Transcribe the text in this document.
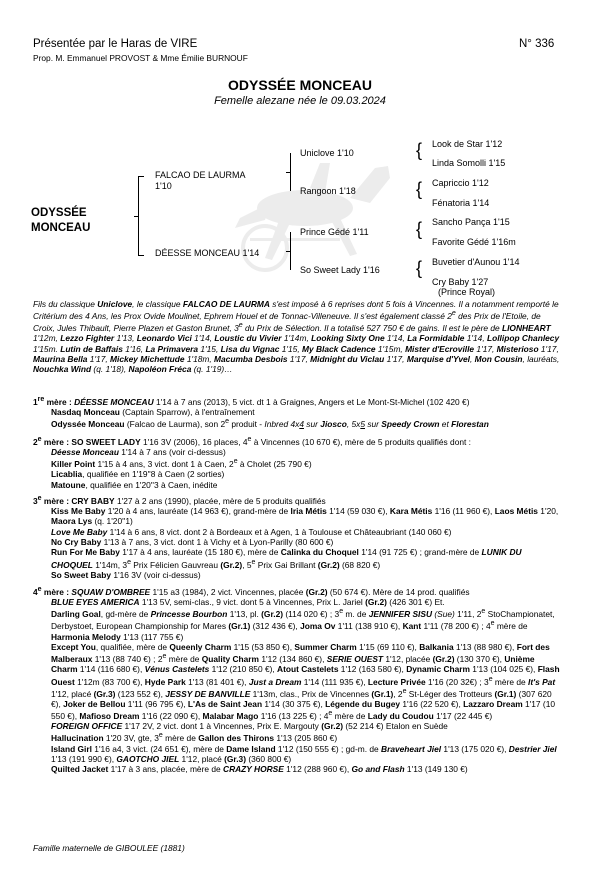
Présentée par le Haras de VIRE
Prop. M. Emmanuel PROVOST & Mme Émilie BURNOUF
N° 336
ODYSSÉE MONCEAU
Femelle alezane née le 09.03.2024
ODYSSÉE
MONCEAU
FALCAO DE LAURMA
1'10
DÉESSE MONCEAU 1'14
Uniclove 1'10
Rangoon 1'18
Prince Gédé 1'11
So Sweet Lady 1'16
{
{
{
{
Look de Star 1'12
Linda Somolli 1'15
Capriccio 1'12
Fénatoria 1'14
Sancho Pança 1'15
Favorite Gédé 1'16m
Buvetier d'Aunou 1'14
Cry Baby 1'27
(Prince Royal)

Fils du classique Uniclove, le classique FALCAO DE LAURMA s'est imposé à 6 reprises dont 5 fois à Vincennes. Il a notamment remporté le Critérium des 4 Ans, les Prox Ovide Moulinet, Ephrem Houel et de Tonnac-Villeneuve. Il s'est également classé 2e des Prix de l'Etoile, de Croix, Jules Thibault, Pierre Plazen et Gaston Brunet, 3e du Prix de Sélection. Il a totalisé 527 750 € de gains. Il est le père de LIONHEART 1'12m, Lezzo Fighter 1'13, Leonardo Vici 1'14, Loustic du Vivier 1'14m, Looking Sixty One 1'14, La Formidable 1'14, Lollipop Chanlecy 1'15m. Lutin de Baffais 1'16, La Primavera 1'15, Lisa du Vignac 1'15, My Black Cadence 1'15m, Mister d'Ecroville 1'17, Misterioso 1'17, Maurina Bella 1'17, Mickey Michettude 1'18m, Macumba Desbois 1'17, Midnight du Viclau 1'17, Marquise d'Yvel, Mon Cousin, lauréats, Nouchka Wind (q. 1'18), Napoléon Fréca (q. 1'19)…

1re mère : DÉESSE MONCEAU 1'14 à 7 ans (2013), 5 vict. dt 1 à Graignes, Angers et Le Mont-St-Michel (102 420 €)

Nasdaq Monceau (Captain Sparrow), à l'entraînement

Odyssée Monceau (Falcao de Laurma), son 2e produit - Inbred 4x4 sur Jiosco, 5x5 sur Speedy Crown et Florestan

2e mère : SO SWEET LADY 1'16 3V (2006), 16 places, 4e à Vincennes (10 670 €), mère de 5 produits qualifiés dont :

Déesse Monceau 1'14 à 7 ans (voir ci-dessus)

Killer Point 1'15 à 4 ans, 3 vict. dont 1 à Caen, 2e à Cholet (25 790 €)

Licablia, qualifiée en 1'19''8 à Caen (2 sorties)

Matoune, qualifiée en 1'20''3 à Caen, inédite

3e mère : CRY BABY 1'27 à 2 ans (1990), placée, mère de 5 produits qualifiés

Kiss Me Baby 1'20 à 4 ans, lauréate (14 963 €), grand-mère de Iria Métis 1'14 (59 030 €), Kara Métis 1'16 (11 960 €), Laos Métis 1'20, Maora Lys (q. 1'20''1)

Love Me Baby 1'14 à 6 ans, 8 vict. dont 2 à Bordeaux et à Agen, 1 à Toulouse et Châteaubriant (140 060 €)

No Cry Baby 1'13 à 7 ans, 3 vict. dont 1 à Vichy et à Lyon-Parilly (80 600 €)

Run For Me Baby 1'17 à 4 ans, lauréate (15 180 €), mère de Calinka du Choquel 1'14 (91 725 €) ; grand-mère de LUNIK DU CHOQUEL 1'14m, 3e Prix Félicien Gauvreau (Gr.2), 5e Prix Gai Brillant (Gr.2) (68 820 €)

So Sweet Baby 1'16 3V (voir ci-dessus)

4e mère : SQUAW D'OMBREE 1'15 a3 (1984), 2 vict. Vincennes, placée (Gr.2) (50 674 €). Mère de 14 prod. qualifiés

BLUE EYES AMERICA 1'13 5V, semi-clas., 9 vict. dont 5 à Vincennes, Prix L. Jariel (Gr.2) (426 301 €) Et.

Darling Goal, gd-mère de Princesse Bourbon 1'13, pl. (Gr.2) (114 020 €) ; 3e m. de JENNIFER SISU (Sue) 1'11, 2e StoChampionatet, Derbystoet, European Championship for Mares (Gr.1) (312 436 €), Joma Ov 1'11 (138 910 €), Kant 1'11 (78 200 €) ; 4e mère de Harmonia Melody 1'13 (117 755 €)

Except You, qualifiée, mère de Queenly Charm 1'15 (53 850 €), Summer Charm 1'15 (69 110 €), Balkania 1'13 (88 980 €), Fort des Malberaux 1'13 (88 740 €) ; 2e mère de Quality Charm 1'12 (134 860 €), SERIE OUEST 1'12, placée (Gr.2) (130 370 €), Unième Charm 1'14 (116 680 €), Vénus Castelets 1'12 (210 850 €), Atout Castelets 1'12 (163 580 €), Dynamic Charm 1'13 (104 025 €), Flash Ouest 1'12m (83 700 €), Hyde Park 1'13 (81 401 €), Just a Dream 1'14 (111 935 €), Lecture Privée 1'16 (20 32€) ; 3e mère de It's Pat 1'12, placé (Gr.3) (123 552 €), JESSY DE BANVILLE 1'13m, clas., Prix de Vincennes (Gr.1), 2e St-Léger des Trotteurs (Gr.1) (307 620 €), Joker de Bellou 1'11 (96 795 €), L'As de Saint Jean 1'14 (30 375 €), Légende du Bugey 1'16 (22 520 €), Lazzaro Dream 1'17 (10 550 €), Mafioso Dream 1'16 (22 090 €), Malabar Mago 1'16 (13 225 €) ; 4e mère de Lady du Coudou 1'17 (22 445 €)

FOREIGN OFFICE 1'17 2V, 2 vict. dont 1 à Vincennes, Prix E. Margouty (Gr.2) (52 214 €) Etalon en Suède

Hallucination 1'20 3V, gte, 3e mère de Gallon des Thirons 1'13 (205 860 €)

Island Girl 1'16 a4, 3 vict. (24 651 €), mère de Dame Island 1'12 (150 555 €) ; gd-m. de Braveheart Jiel 1'13 (175 020 €), Destrier Jiel 1'13 (191 990 €), GAOTCHO JIEL 1'12, placé (Gr.3) (360 800 €)

Quilted Jacket 1'17 à 3 ans, placée, mère de CRAZY HORSE 1'12 (288 960 €), Go and Flash 1'13 (149 130 €)

Famille maternelle de GIBOULEE (1881)
